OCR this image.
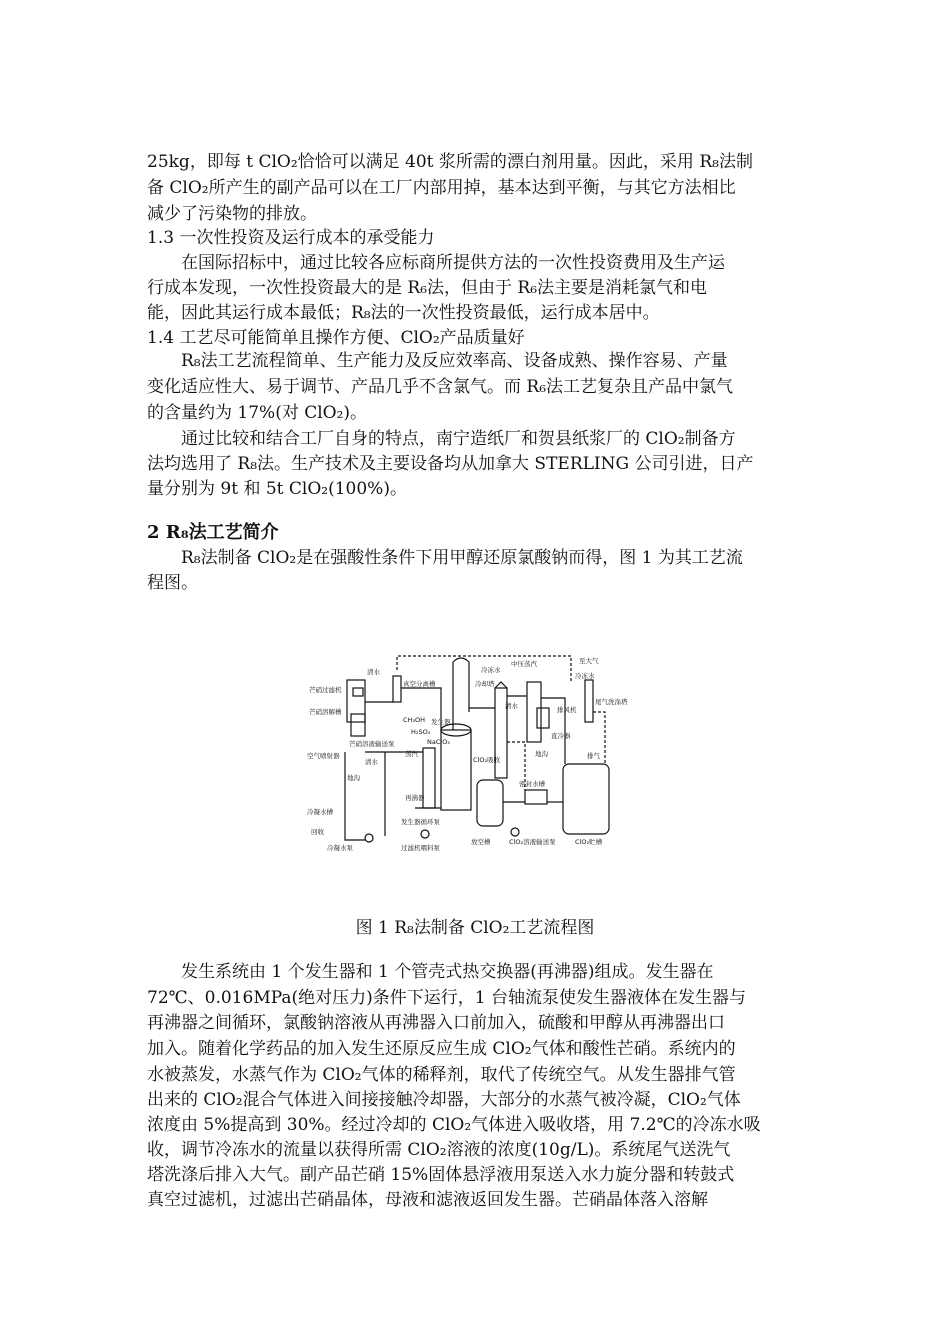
25kg，即每 t ClO₂恰恰可以满足 40t 浆所需的漂白剂用量。因此，采用 R₈法制
备 ClO₂所产生的副产品可以在工厂内部用掉，基本达到平衡，与其它方法相比
减少了污染物的排放。
1.3 一次性投资及运行成本的承受能力
在国际招标中，通过比较各应标商所提供方法的一次性投资费用及生产运
行成本发现，一次性投资最大的是 R₆法，但由于 R₆法主要是消耗氯气和电
能，因此其运行成本最低；R₈法的一次性投资最低，运行成本居中。
1.4 工艺尽可能简单且操作方便、ClO₂产品质量好
R₈法工艺流程简单、生产能力及反应效率高、设备成熟、操作容易、产量
变化适应性大、易于调节、产品几乎不含氯气。而 R₆法工艺复杂且产品中氯气
的含量约为 17%(对 ClO₂)。
通过比较和结合工厂自身的特点，南宁造纸厂和贺县纸浆厂的 ClO₂制备方
法均选用了 R₈法。生产技术及主要设备均从加拿大 STERLING 公司引进，日产
量分别为 9t 和 5t ClO₂(100%)。
2 R₈法工艺简介
R₈法制备 ClO₂是在强酸性条件下用甲醇还原氯酸钠而得，图 1 为其工艺流
程图。
至大气
清水
芒硝过滤机
芒硝溶解槽
真空分离槽
发生器
冷却塔
清水
冷冻水
中压蒸汽
冷冻水
尾气洗涤塔
排风机
直冷器
排气
芒硝溶液输送泵
CH₃OH
H₂SO₄
NaClO₃
蒸汽
ClO₂吸收
空气喷射器
清水
地沟
地沟
再沸器
冷凝水槽
发生器循环泵
密封水槽
回收
冷凝水泵	过滤机喂料泵
放空槽	ClO₂溶液输送泵	ClO₂贮槽
图 1 R₈法制备 ClO₂工艺流程图
发生系统由 1 个发生器和 1 个管壳式热交换器(再沸器)组成。发生器在
72℃、0.016MPa(绝对压力)条件下运行，1 台轴流泵使发生器液体在发生器与
再沸器之间循环，氯酸钠溶液从再沸器入口前加入，硫酸和甲醇从再沸器出口
加入。随着化学药品的加入发生还原反应生成 ClO₂气体和酸性芒硝。系统内的
水被蒸发，水蒸气作为 ClO₂气体的稀释剂，取代了传统空气。从发生器排气管
出来的 ClO₂混合气体进入间接接触冷却器，大部分的水蒸气被冷凝，ClO₂气体
浓度由 5%提高到 30%。经过冷却的 ClO₂气体进入吸收塔，用 7.2℃的冷冻水吸
收，调节冷冻水的流量以获得所需 ClO₂溶液的浓度(10g/L)。系统尾气送洗气
塔洗涤后排入大气。副产品芒硝 15%固体悬浮液用泵送入水力旋分器和转鼓式
真空过滤机，过滤出芒硝晶体，母液和滤液返回发生器。芒硝晶体落入溶解
